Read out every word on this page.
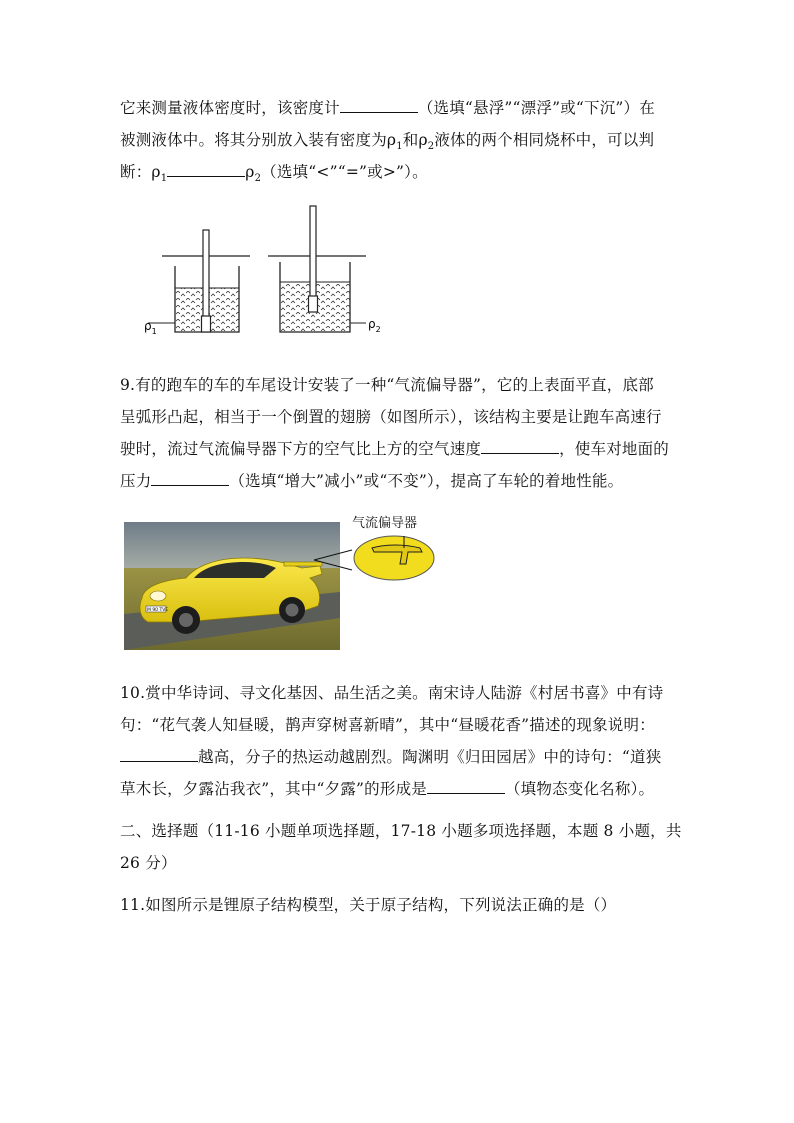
它来测量液体密度时，该密度计	（选填“悬浮”“漂浮”或“下沉”）在
被测液体中。将其分别放入装有密度为$\rho_1$和$\rho_2$液体的两个相同烧杯中，可以判
断：$\rho_1$	$\rho_2$（选填“<”“=”或>”）。
$\rho_1$
$\rho_2$
9.有的跑车的车的车尾设计安装了一种“气流偏导器”，它的上表面平直，底部
呈弧形凸起，相当于一个倒置的翅膀（如图所示），该结构主要是让跑车高速行
驶时，流过气流偏导器下方的空气比上方的空气速度	，使车对地面的
压力	（选填“增大”减小”或“不变”），提高了车轮的着地性能。
M 90 TVE
气流偏导器
10.赏中华诗词、寻文化基因、品生活之美。南宋诗人陆游《村居书喜》中有诗
句：“花气袭人知昼暖，鹊声穿树喜新晴”，其中“昼暖花香”描述的现象说明：
越高，分子的热运动越剧烈。陶渊明《归田园居》中的诗句：“道狭
草木长，夕露沾我衣”，其中“夕露”的形成是	（填物态变化名称）。
二、选择题（11-16 小题单项选择题，17-18 小题多项选择题，本题 8 小题，共
26 分）
11.如图所示是锂原子结构模型，关于原子结构，下列说法正确的是（）
